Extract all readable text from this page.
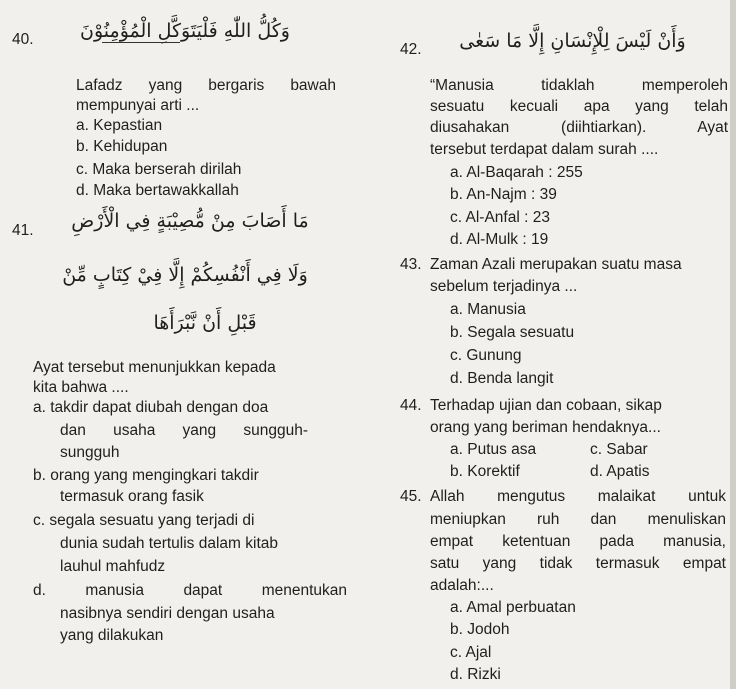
40.	وَكُلُّ اللّٰهِ فَلْيَتَوَكَّلِ الْمُؤْمِنُوْنَ
Lafadz yang bergaris bawah
mempunyai arti ...
a. Kepastian
b. Kehidupan
c. Maka berserah dirilah
d. Maka bertawakkallah
41.	مَا أَصَابَ مِنْ مُّصِيْبَةٍ فِي الْأَرْضِ
وَلَا فِي أَنْفُسِكُمْ إِلَّا فِيْ كِتَابٍ مِّنْ
قَبْلِ أَنْ نَّبْرَأَهَا
Ayat tersebut menunjukkan kepada
kita bahwa ....
a. takdir dapat diubah dengan doa
dan usaha yang sungguh-
sungguh
b. orang yang mengingkari takdir
termasuk orang fasik
c. segala sesuatu yang terjadi di
dunia sudah tertulis dalam kitab
lauhul mahfudz
d. manusia dapat menentukan
nasibnya sendiri dengan usaha
yang dilakukan
42.	وَأَنْ لَيْسَ لِلْإِنْسَانِ إِلَّا مَا سَعٰى
“Manusia tidaklah memperoleh
sesuatu kecuali apa yang telah
diusahakan (diihtiarkan). Ayat
tersebut terdapat dalam surah ....
a. Al-Baqarah : 255
b. An-Najm : 39
c. Al-Anfal : 23
d. Al-Mulk : 19
43. Zaman Azali merupakan suatu masa
sebelum terjadinya ...
a. Manusia
b. Segala sesuatu
c. Gunung
d. Benda langit
44. Terhadap ujian dan cobaan, sikap
orang yang beriman hendaknya...
a. Putus asa	c. Sabar
b. Korektif	d. Apatis
45. Allah mengutus malaikat untuk
meniupkan ruh dan menuliskan
empat ketentuan pada manusia,
satu yang tidak termasuk empat
adalah:...
a. Amal perbuatan
b. Jodoh
c. Ajal
d. Rizki
